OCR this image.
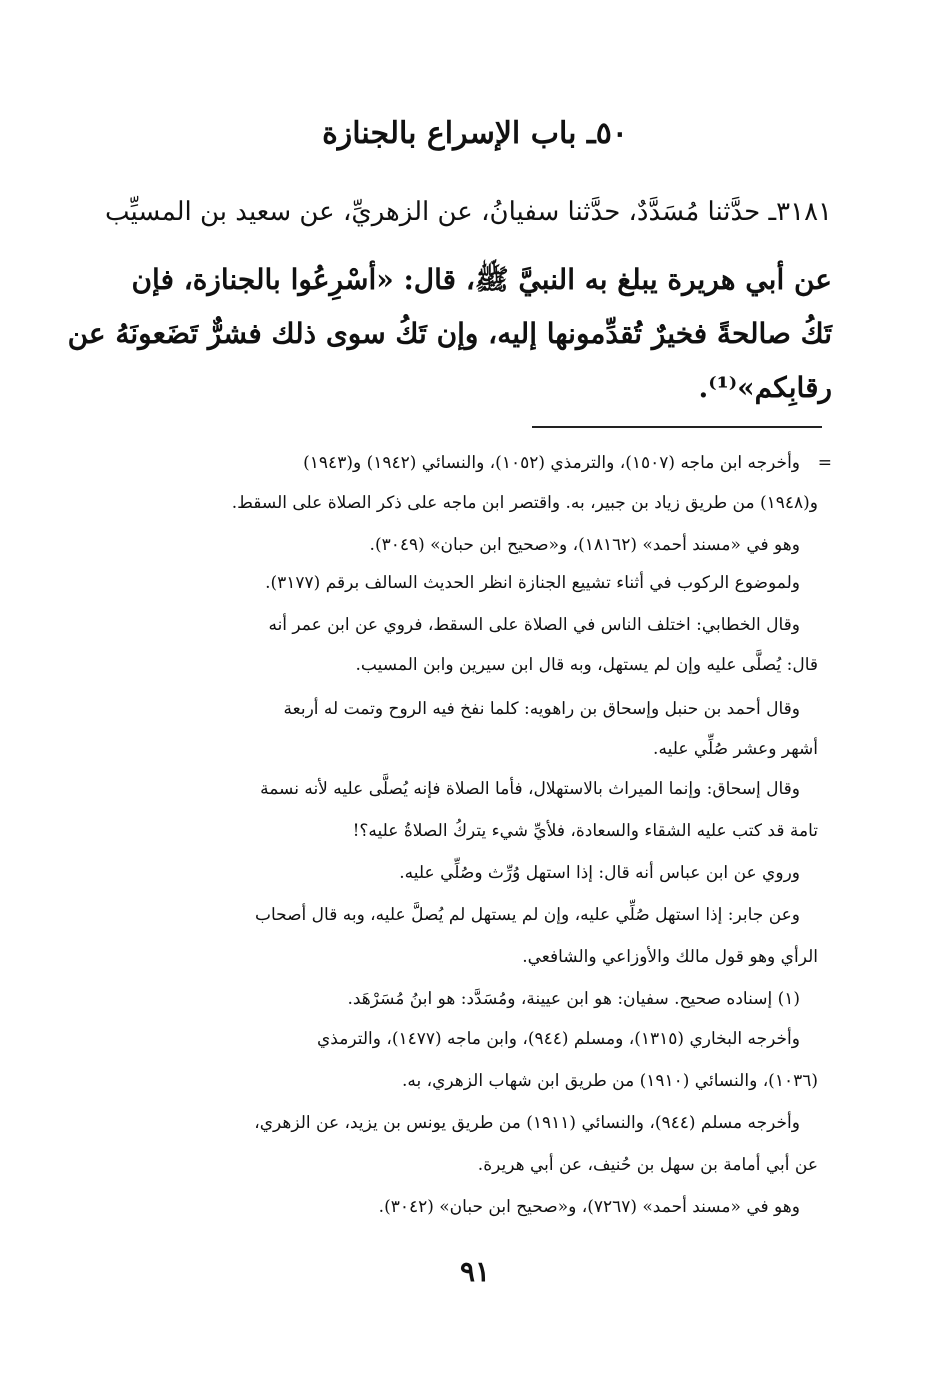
٥٠ـ باب الإسراع بالجنازة
٣١٨١ـ حدَّثنا مُسَدَّدٌ، حدَّثنا سفيانُ، عن الزهريِّ، عن سعيد بن المسيِّب
عن أبي هريرة يبلغ به النبيَّ ﷺ، قال: «أسْرِعُوا بالجنازة، فإن
تَكُ صالحةً فخيرٌ تُقدِّمونها إليه، وإن تَكُ سوى ذلك فشرٌّ تَضَعونَهُ عن
رقابِكم»⁽¹⁾.
=
وأخرجه ابن ماجه (١٥٠٧)، والترمذي (١٠٥٢)، والنسائي (١٩٤٢) و(١٩٤٣)
و(١٩٤٨) من طريق زياد بن جبير، به. واقتصر ابن ماجه على ذكر الصلاة على السقط.
وهو في «مسند أحمد» (١٨١٦٢)، و«صحيح ابن حبان» (٣٠٤٩).
ولموضوع الركوب في أثناء تشييع الجنازة انظر الحديث السالف برقم (٣١٧٧).
وقال الخطابي: اختلف الناس في الصلاة على السقط، فروي عن ابن عمر أنه
قال: يُصلَّى عليه وإن لم يستهل، وبه قال ابن سيرين وابن المسيب.
وقال أحمد بن حنبل وإسحاق بن راهويه: كلما نفخ فيه الروح وتمت له أربعة
أشهر وعشر صُلِّي عليه.
وقال إسحاق: وإنما الميراث بالاستهلال، فأما الصلاة فإنه يُصلَّى عليه لأنه نسمة
تامة قد كتب عليه الشقاء والسعادة، فلأيِّ شيء يتركُ الصلاةُ عليه؟!
وروي عن ابن عباس أنه قال: إذا استهل وُرِّث وصُلِّي عليه.
وعن جابر: إذا استهل صُلِّي عليه، وإن لم يستهل لم يُصلَّ عليه، وبه قال أصحاب
الرأي وهو قول مالك والأوزاعي والشافعي.
(١) إسناده صحيح. سفيان: هو ابن عيينة، ومُسَدَّد: هو ابنُ مُسَرْهَد.
وأخرجه البخاري (١٣١٥)، ومسلم (٩٤٤)، وابن ماجه (١٤٧٧)، والترمذي
(١٠٣٦)، والنسائي (١٩١٠) من طريق ابن شهاب الزهري، به.
وأخرجه مسلم (٩٤٤)، والنسائي (١٩١١) من طريق يونس بن يزيد، عن الزهري،
عن أبي أمامة بن سهل بن حُنيف، عن أبي هريرة.
وهو في «مسند أحمد» (٧٢٦٧)، و«صحيح ابن حبان» (٣٠٤٢).
٩١
